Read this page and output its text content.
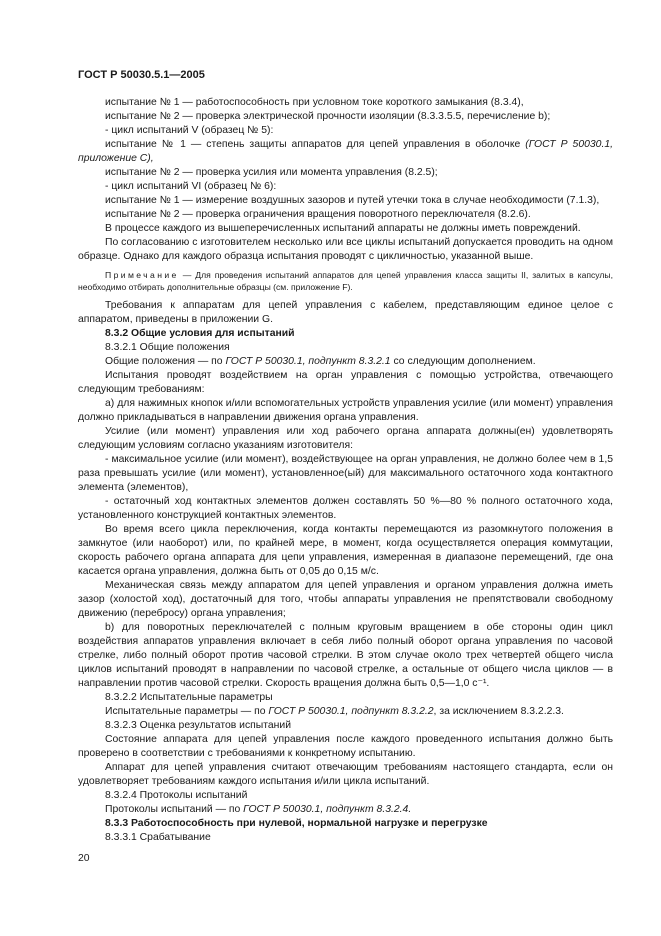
ГОСТ Р 50030.5.1—2005

испытание № 1 — работоспособность при условном токе короткого замыкания (8.3.4),

испытание № 2 — проверка электрической прочности изоляции (8.3.3.5.5, перечисление b);

- цикл испытаний V (образец № 5):

испытание № 1 — степень защиты аппаратов для цепей управления в оболочке (ГОСТ Р 50030.1, приложение С),

испытание № 2 — проверка усилия или момента управления (8.2.5);

- цикл испытаний VI (образец № 6):

испытание № 1 — измерение воздушных зазоров и путей утечки тока в случае необходимости (7.1.3),

испытание № 2 — проверка ограничения вращения поворотного переключателя (8.2.6).

В процессе каждого из вышеперечисленных испытаний аппараты не должны иметь повреждений.

По согласованию с изготовителем несколько или все циклы испытаний допускается проводить на одном образце. Однако для каждого образца испытания проводят с цикличностью, указанной выше.

Примечание — Для проведения испытаний аппаратов для цепей управления класса защиты II, залитых в капсулы, необходимо отбирать дополнительные образцы (см. приложение F).

Требования к аппаратам для цепей управления с кабелем, представляющим единое целое с аппаратом, приведены в приложении G.

8.3.2 Общие условия для испытаний

8.3.2.1 Общие положения

Общие положения — по ГОСТ Р 50030.1, подпункт 8.3.2.1 со следующим дополнением.

Испытания проводят воздействием на орган управления с помощью устройства, отвечающего следующим требованиям:

а) для нажимных кнопок и/или вспомогательных устройств управления усилие (или момент) управления должно прикладываться в направлении движения органа управления.

Усилие (или момент) управления или ход рабочего органа аппарата должны(ен) удовлетворять следующим условиям согласно указаниям изготовителя:

- максимальное усилие (или момент), воздействующее на орган управления, не должно более чем в 1,5 раза превышать усилие (или момент), установленное(ый) для максимального остаточного хода контактного элемента (элементов),

- остаточный ход контактных элементов должен составлять 50 %—80 % полного остаточного хода, установленного конструкцией контактных элементов.

Во время всего цикла переключения, когда контакты перемещаются из разомкнутого положения в замкнутое (или наоборот) или, по крайней мере, в момент, когда осуществляется операция коммутации, скорость рабочего органа аппарата для цепи управления, измеренная в диапазоне перемещений, где она касается органа управления, должна быть от 0,05 до 0,15 м/с.

Механическая связь между аппаратом для цепей управления и органом управления должна иметь зазор (холостой ход), достаточный для того, чтобы аппараты управления не препятствовали свободному движению (перебросу) органа управления;

b) для поворотных переключателей с полным круговым вращением в обе стороны один цикл воздействия аппаратов управления включает в себя либо полный оборот органа управления по часовой стрелке, либо полный оборот против часовой стрелки. В этом случае около трех четвертей общего числа циклов испытаний проводят в направлении по часовой стрелке, а остальные от общего числа циклов — в направлении против часовой стрелки. Скорость вращения должна быть 0,5—1,0 с⁻¹.

8.3.2.2 Испытательные параметры

Испытательные параметры — по ГОСТ Р 50030.1, подпункт 8.3.2.2, за исключением 8.3.2.2.3.

8.3.2.3 Оценка результатов испытаний

Состояние аппарата для цепей управления после каждого проведенного испытания должно быть проверено в соответствии с требованиями к конкретному испытанию.

Аппарат для цепей управления считают отвечающим требованиям настоящего стандарта, если он удовлетворяет требованиям каждого испытания и/или цикла испытаний.

8.3.2.4 Протоколы испытаний

Протоколы испытаний — по ГОСТ Р 50030.1, подпункт 8.3.2.4.

8.3.3 Работоспособность при нулевой, нормальной нагрузке и перегрузке

8.3.3.1 Срабатывание

20
